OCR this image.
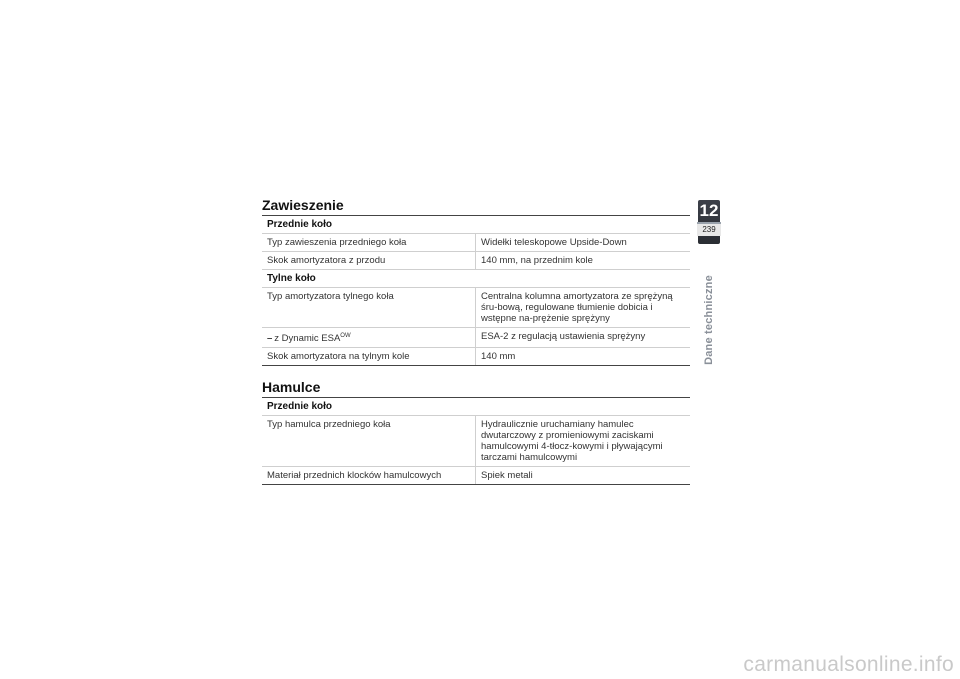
Zawieszenie
Przednie koło
Typ zawieszenia przedniego koła	Widełki teleskopowe Upside-Down
Skok amortyzatora z przodu	140 mm, na przednim kole
Tylne koło
Typ amortyzatora tylnego koła	Centralna kolumna amortyzatora ze sprężyną śru-bową, regulowane tłumienie dobicia i wstępne na-prężenie sprężyny
– z Dynamic $ESA^{OW}$	ESA-2 z regulacją ustawienia sprężyny
Skok amortyzatora na tylnym kole	140 mm
Hamulce
Przednie koło
Typ hamulca przedniego koła	Hydraulicznie uruchamiany hamulec dwutarczowy z promieniowymi zaciskami hamulcowymi 4-tłocz-kowymi i pływającymi tarczami hamulcowymi
Materiał przednich klocków hamulcowych	Spiek metali
12
239
Dane techniczne
carmanualsonline.info
